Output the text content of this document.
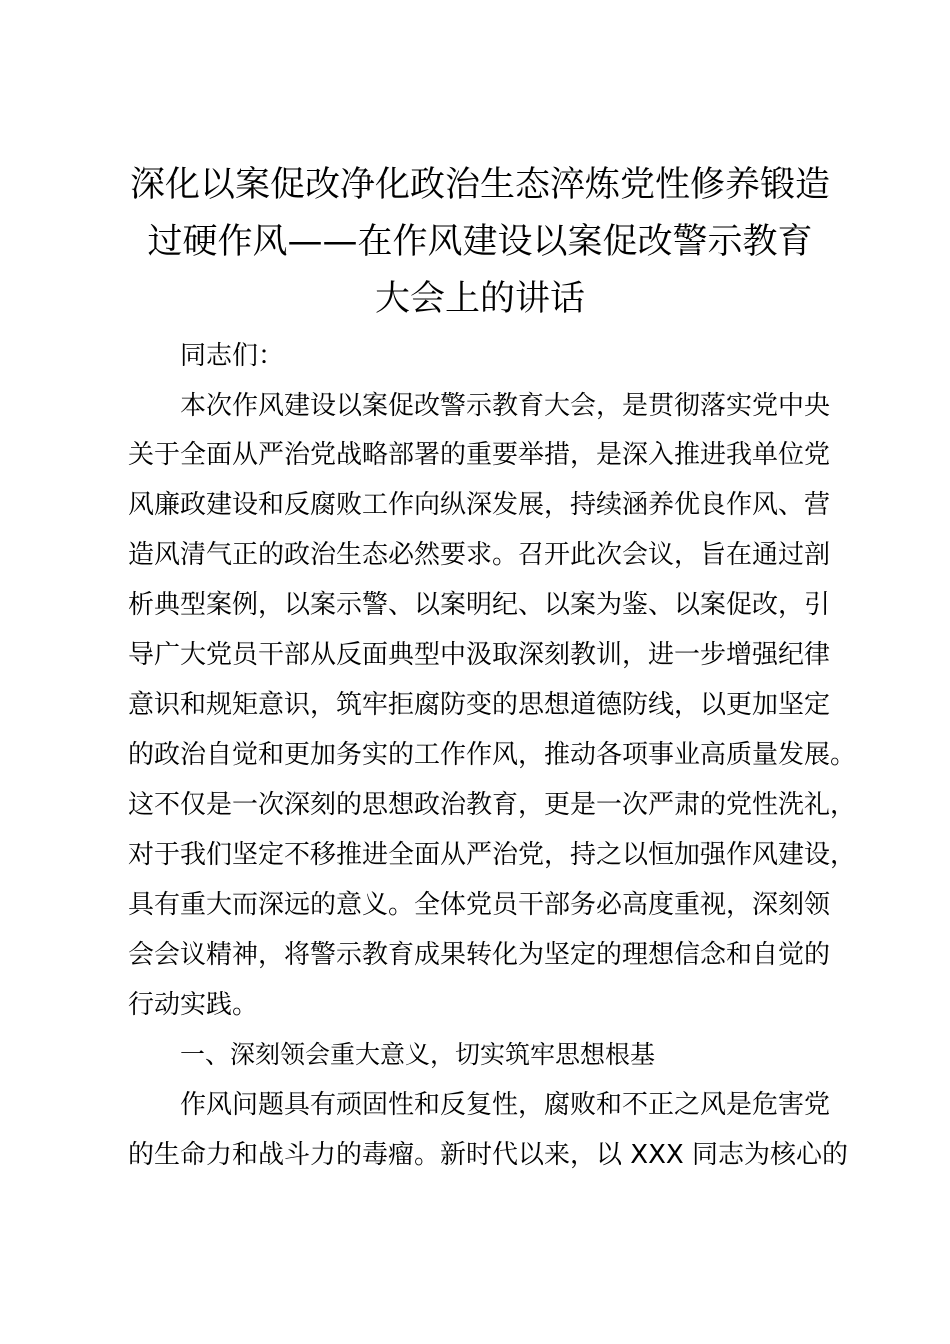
深化以案促改净化政治生态淬炼党性修养锻造
过硬作风——在作风建设以案促改警示教育
大会上的讲话

同志们：

本次作风建设以案促改警示教育大会，是贯彻落实党中央

关于全面从严治党战略部署的重要举措，是深入推进我单位党

风廉政建设和反腐败工作向纵深发展，持续涵养优良作风、营

造风清气正的政治生态必然要求。召开此次会议，旨在通过剖

析典型案例，以案示警、以案明纪、以案为鉴、以案促改，引

导广大党员干部从反面典型中汲取深刻教训，进一步增强纪律

意识和规矩意识，筑牢拒腐防变的思想道德防线，以更加坚定

的政治自觉和更加务实的工作作风，推动各项事业高质量发展。

这不仅是一次深刻的思想政治教育，更是一次严肃的党性洗礼，

对于我们坚定不移推进全面从严治党，持之以恒加强作风建设，

具有重大而深远的意义。全体党员干部务必高度重视，深刻领

会会议精神，将警示教育成果转化为坚定的理想信念和自觉的

行动实践。

一、深刻领会重大意义，切实筑牢思想根基

作风问题具有顽固性和反复性，腐败和不正之风是危害党

的生命力和战斗力的毒瘤。新时代以来，以 XXX 同志为核心的
